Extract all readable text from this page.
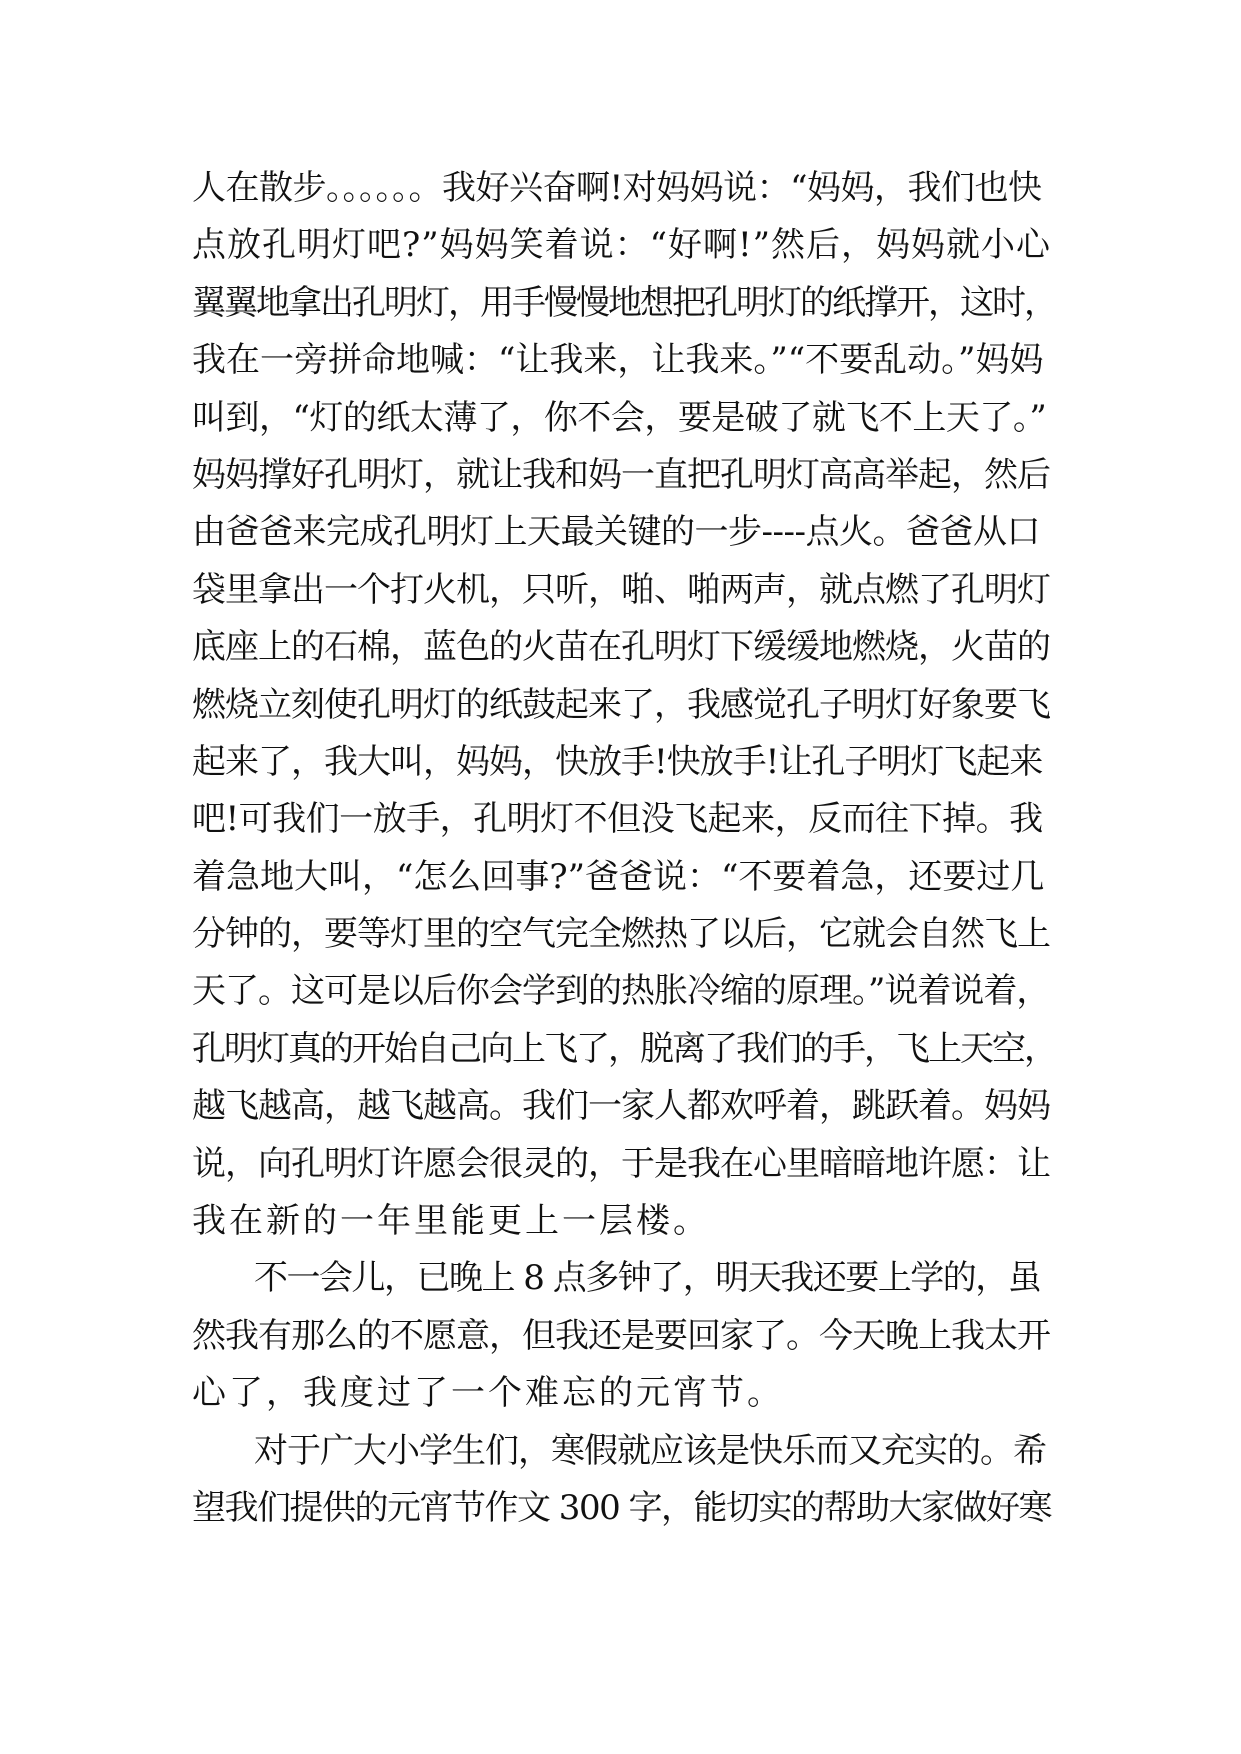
人在散步。。。。。。我好兴奋啊!对妈妈说：“妈妈，我们也快
点放孔明灯吧?”妈妈笑着说：“好啊!”然后，妈妈就小心
翼翼地拿出孔明灯，用手慢慢地想把孔明灯的纸撑开，这时，
我在一旁拼命地喊：“让我来，让我来。”“不要乱动。”妈妈
叫到，“灯的纸太薄了，你不会，要是破了就飞不上天了。”
妈妈撑好孔明灯，就让我和妈一直把孔明灯高高举起，然后
由爸爸来完成孔明灯上天最关键的一步----点火。爸爸从口
袋里拿出一个打火机，只听，啪、啪两声，就点燃了孔明灯
底座上的石棉，蓝色的火苗在孔明灯下缓缓地燃烧，火苗的
燃烧立刻使孔明灯的纸鼓起来了，我感觉孔子明灯好象要飞
起来了，我大叫，妈妈，快放手!快放手!让孔子明灯飞起来
吧!可我们一放手，孔明灯不但没飞起来，反而往下掉。我
着急地大叫，“怎么回事?”爸爸说：“不要着急，还要过几
分钟的，要等灯里的空气完全燃热了以后，它就会自然飞上
天了。这可是以后你会学到的热胀冷缩的原理。”说着说着，
孔明灯真的开始自己向上飞了，脱离了我们的手，飞上天空，
越飞越高，越飞越高。我们一家人都欢呼着，跳跃着。妈妈
说，向孔明灯许愿会很灵的，于是我在心里暗暗地许愿：让
我在新的一年里能更上一层楼。
不一会儿，已晚上 8 点多钟了，明天我还要上学的，虽
然我有那么的不愿意，但我还是要回家了。今天晚上我太开
心了，我度过了一个难忘的元宵节。
对于广大小学生们，寒假就应该是快乐而又充实的。希
望我们提供的元宵节作文 300 字，能切实的帮助大家做好寒
